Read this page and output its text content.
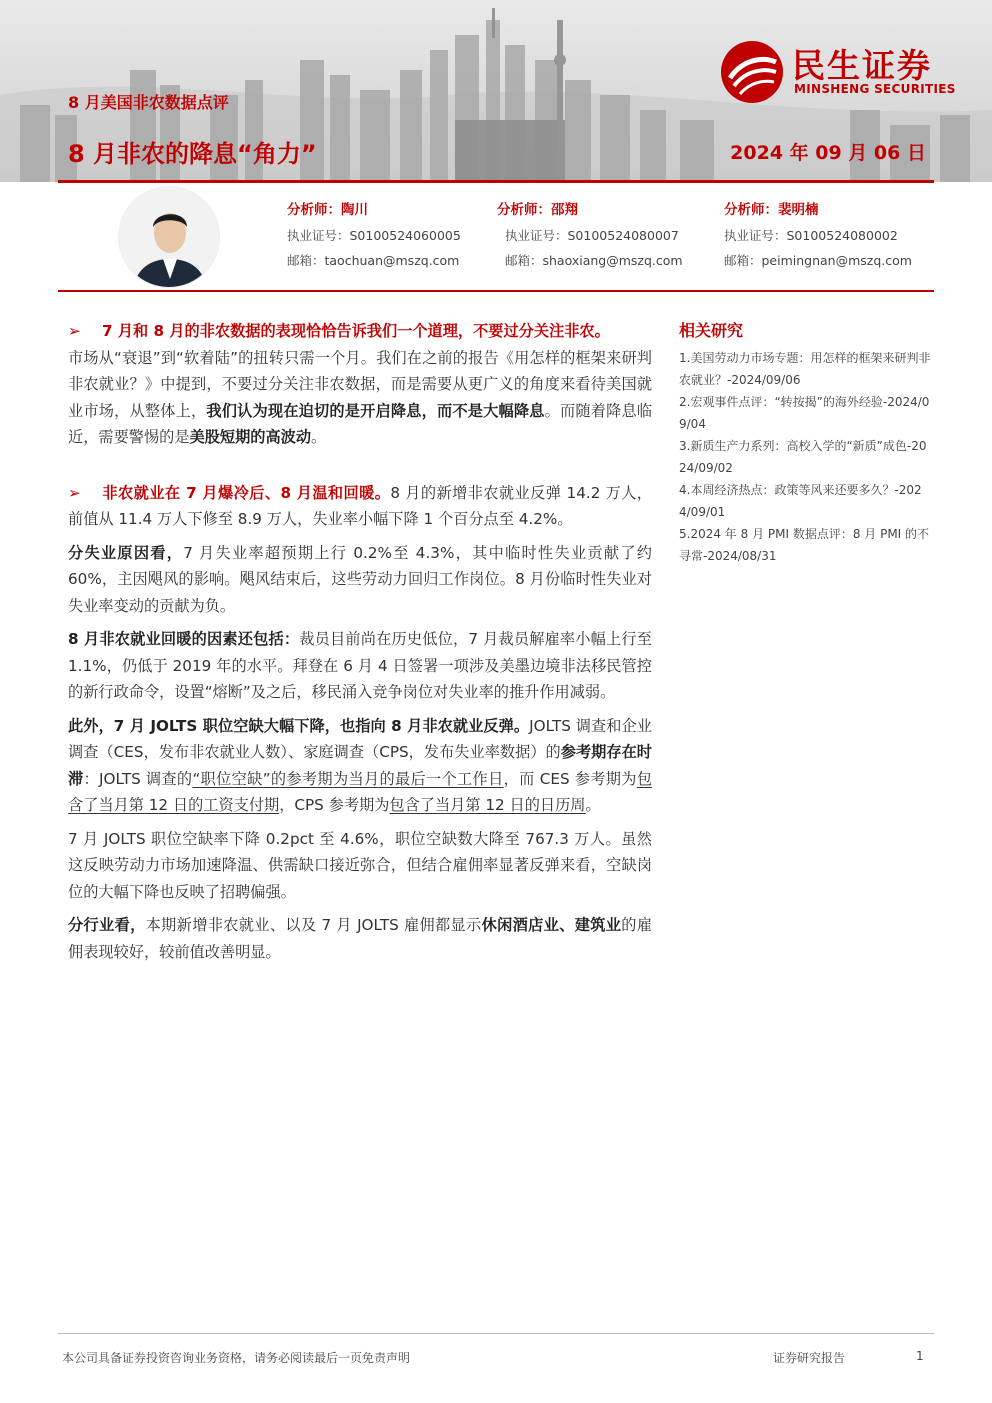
8 月美国非农数据点评
8 月非农的降息“角力”	2024 年 09 月 06 日
民生证券
MINSHENG SECURITIES
分析师：陶川
执业证号：S0100524060005
邮箱：taochuan@mszq.com
分析师：邵翔
执业证号：S0100524080007
邮箱：shaoxiang@mszq.com
分析师：裴明楠
执业证号：S0100524080002
邮箱：peimingnan@mszq.com

➢ 7 月和 8 月的非农数据的表现恰恰告诉我们一个道理，不要过分关注非农。

市场从“衰退”到“软着陆”的扭转只需一个月。我们在之前的报告《用怎样的框架来研判非农就业？》中提到，不要过分关注非农数据，而是需要从更广义的角度来看待美国就业市场，从整体上，我们认为现在迫切的是开启降息，而不是大幅降息。而随着降息临近，需要警惕的是美股短期的高波动。

➢ 非农就业在 7 月爆冷后、8 月温和回暖。8 月的新增非农就业反弹 14.2 万人，前值从 11.4 万人下修至 8.9 万人，失业率小幅下降 1 个百分点至 4.2%。

分失业原因看，7 月失业率超预期上行 0.2%至 4.3%，其中临时性失业贡献了约 60%，主因飓风的影响。飓风结束后，这些劳动力回归工作岗位。8 月份临时性失业对失业率变动的贡献为负。

8 月非农就业回暖的因素还包括：裁员目前尚在历史低位，7 月裁员解雇率小幅上行至 1.1%，仍低于 2019 年的水平。拜登在 6 月 4 日签署一项涉及美墨边境非法移民管控的新行政命令，设置“熔断”及之后，移民涌入竞争岗位对失业率的推升作用减弱。

此外，7 月 JOLTS 职位空缺大幅下降，也指向 8 月非农就业反弹。JOLTS 调查和企业调查（CES，发布非农就业人数）、家庭调查（CPS，发布失业率数据）的参考期存在时滞：JOLTS 调查的“职位空缺”的参考期为当月的最后一个工作日，而 CES 参考期为包含了当月第 12 日的工资支付期，CPS 参考期为包含了当月第 12 日的日历周。

7 月 JOLTS 职位空缺率下降 0.2pct 至 4.6%，职位空缺数大降至 767.3 万人。虽然这反映劳动力市场加速降温、供需缺口接近弥合，但结合雇佣率显著反弹来看，空缺岗位的大幅下降也反映了招聘偏强。

分行业看，本期新增非农就业、以及 7 月 JOLTS 雇佣都显示休闲酒店业、建筑业的雇佣表现较好，较前值改善明显。

相关研究
1.美国劳动力市场专题：用怎样的框架来研判非农就业？-2024/09/06
2.宏观事件点评：“转按揭”的海外经验-2024/09/04
3.新质生产力系列：高校入学的“新质”成色-2024/09/02
4.本周经济热点：政策等风来还要多久？-2024/09/01
5.2024 年 8 月 PMI 数据点评：8 月 PMI 的不寻常-2024/08/31
本公司具备证券投资咨询业务资格，请务必阅读最后一页免责声明	证券研究报告	1
